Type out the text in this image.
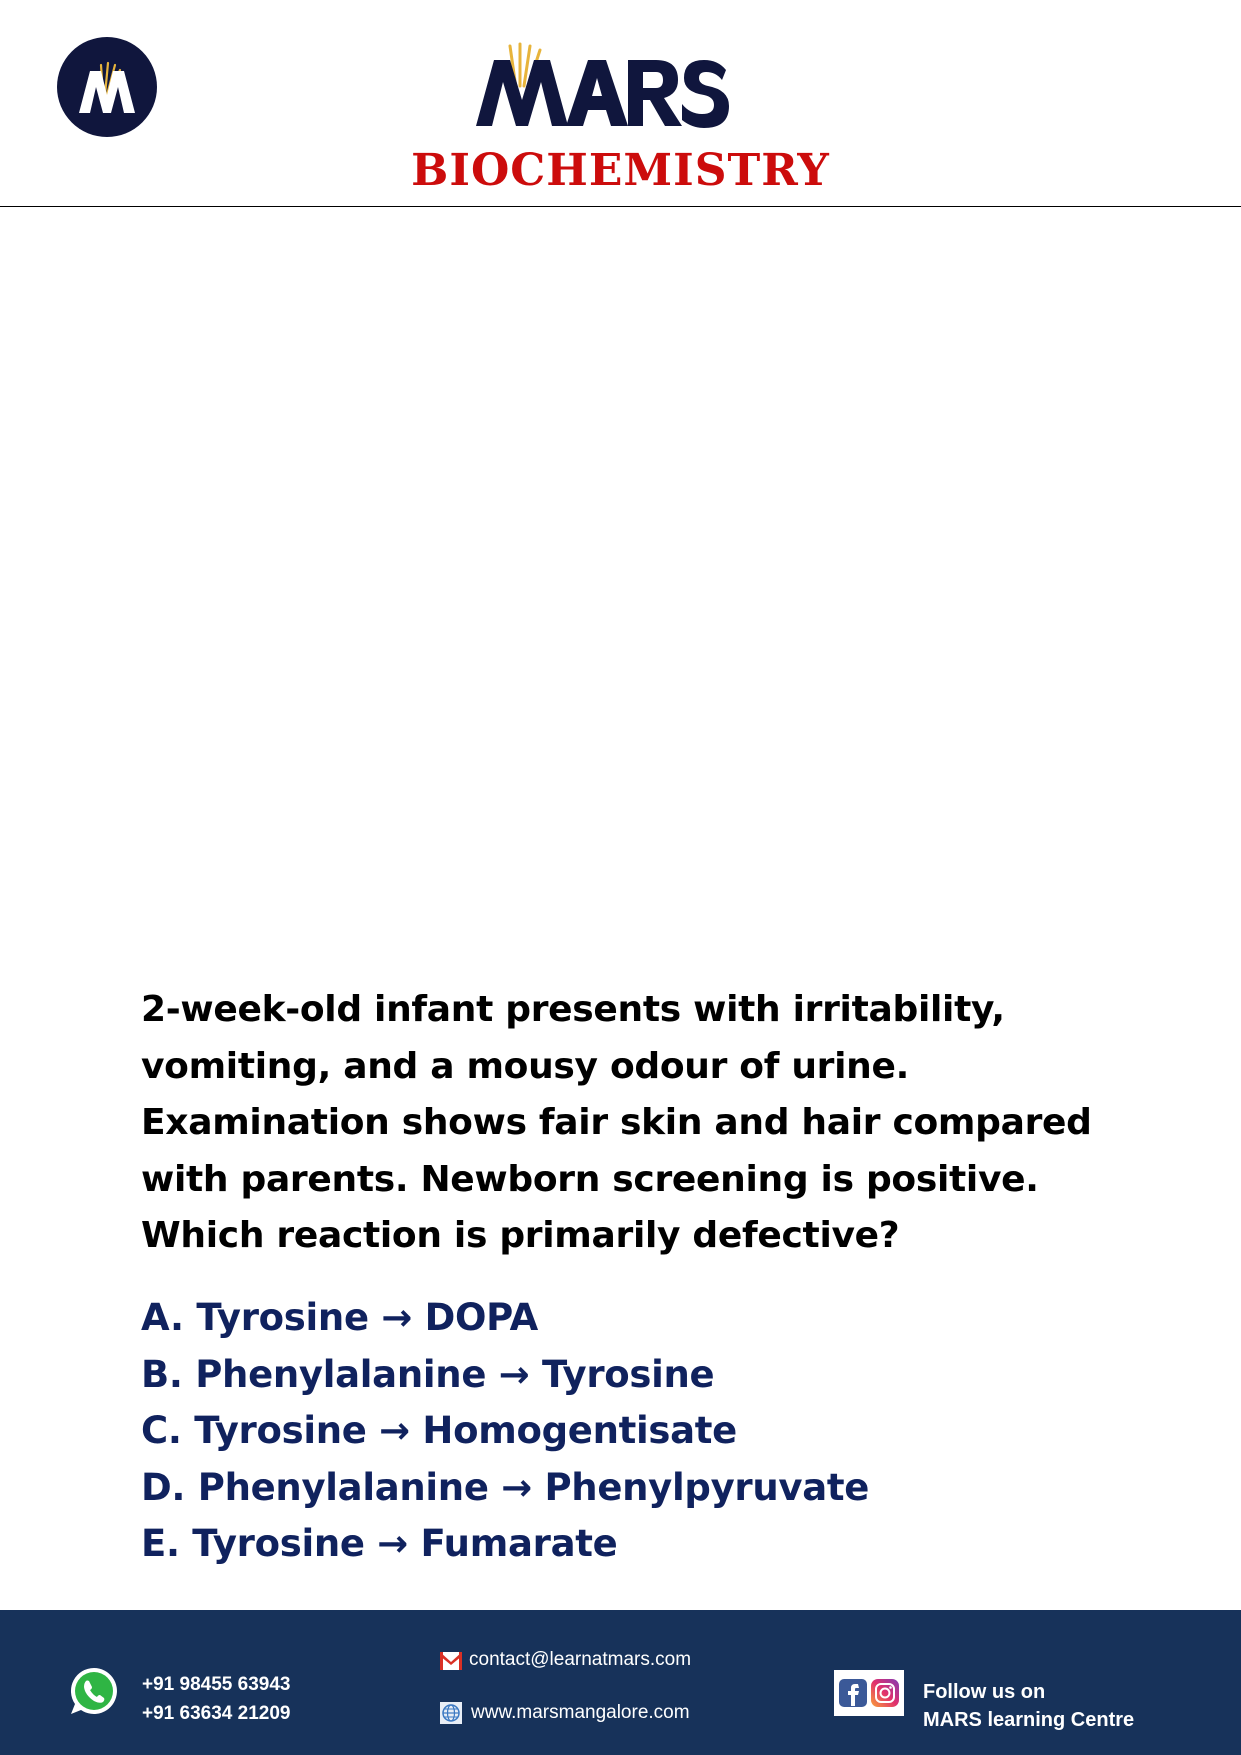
BIOCHEMISTRY

2-week-old infant presents with irritability,
vomiting, and a mousy odour of urine.
Examination shows fair skin and hair compared
with parents. Newborn screening is positive.
Which reaction is primarily defective?

A. Tyrosine → DOPA
B. Phenylalanine → Tyrosine
C. Tyrosine → Homogentisate
D. Phenylalanine → Phenylpyruvate
E. Tyrosine → Fumarate
+91 98455 63943
+91 63634 21209
contact@learnatmars.com
www.marsmangalore.com
Follow us on
MARS learning Centre
